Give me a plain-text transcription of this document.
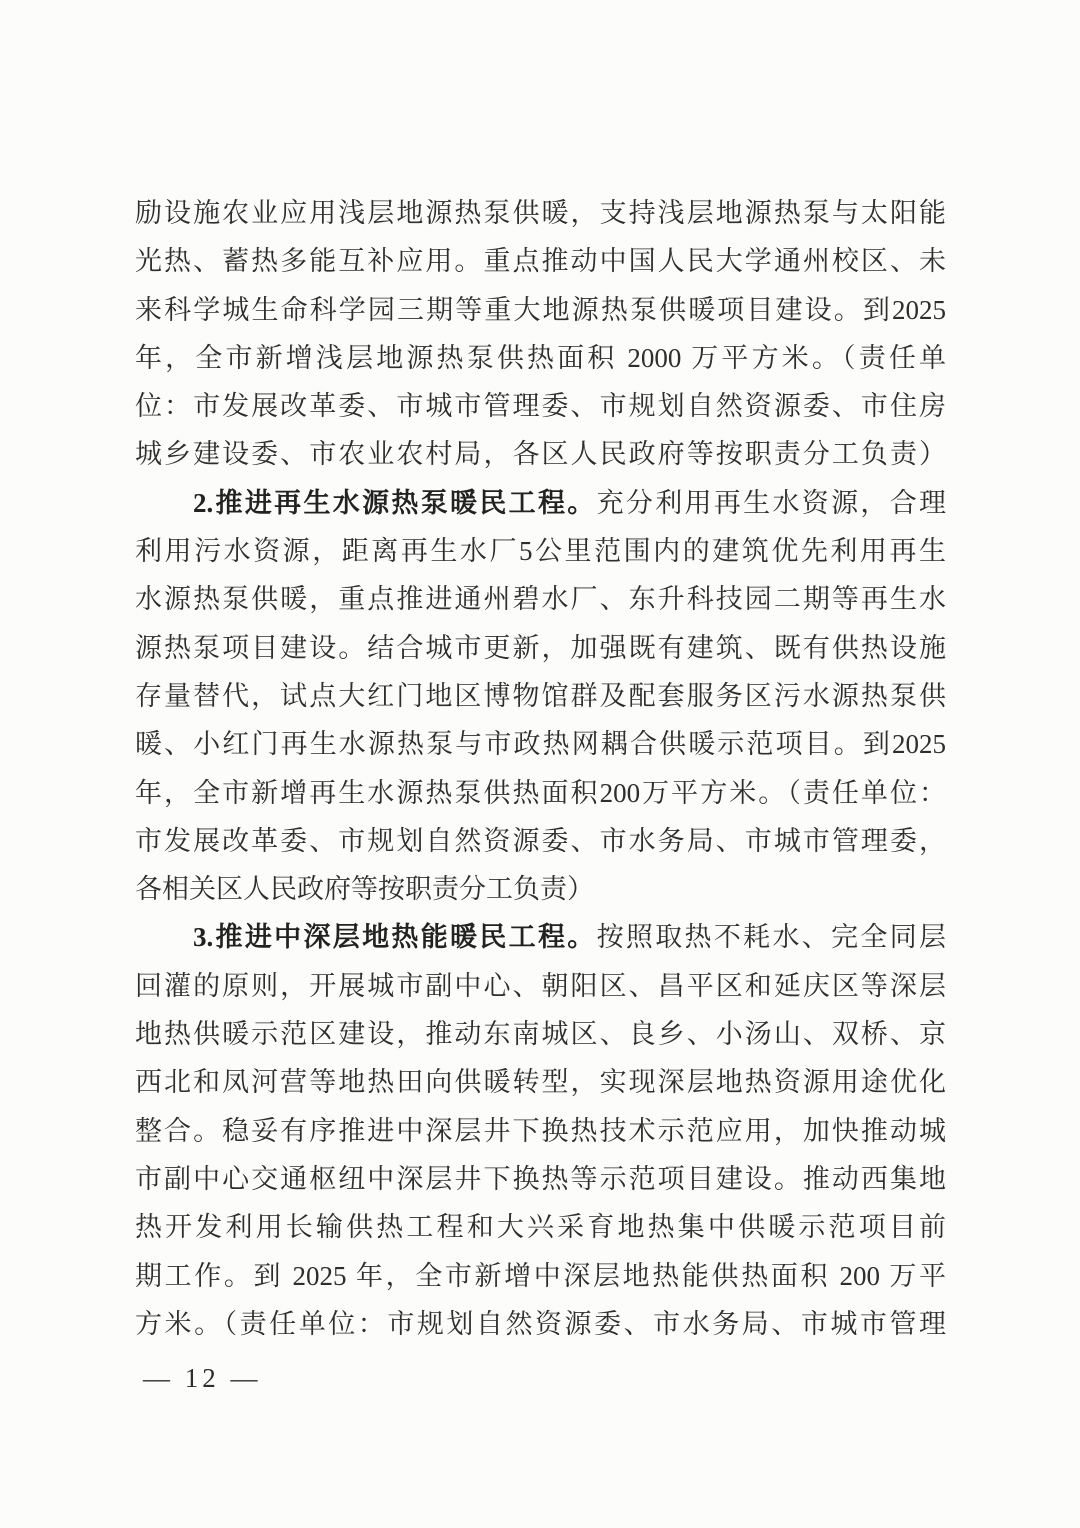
励设施农业应用浅层地源热泵供暖，支持浅层地源热泵与太阳能
光热、蓄热多能互补应用。重点推动中国人民大学通州校区、未
来科学城生命科学园三期等重大地源热泵供暖项目建设。到2025
年，全市新增浅层地源热泵供热面积 2000 万平方米。（责任单
位：市发展改革委、市城市管理委、市规划自然资源委、市住房
城乡建设委、市农业农村局，各区人民政府等按职责分工负责）
2.推进再生水源热泵暖民工程。充分利用再生水资源，合理
利用污水资源，距离再生水厂5公里范围内的建筑优先利用再生
水源热泵供暖，重点推进通州碧水厂、东升科技园二期等再生水
源热泵项目建设。结合城市更新，加强既有建筑、既有供热设施
存量替代，试点大红门地区博物馆群及配套服务区污水源热泵供
暖、小红门再生水源热泵与市政热网耦合供暖示范项目。到2025
年，全市新增再生水源热泵供热面积200万平方米。（责任单位：
市发展改革委、市规划自然资源委、市水务局、市城市管理委，
各相关区人民政府等按职责分工负责）
3.推进中深层地热能暖民工程。按照取热不耗水、完全同层
回灌的原则，开展城市副中心、朝阳区、昌平区和延庆区等深层
地热供暖示范区建设，推动东南城区、良乡、小汤山、双桥、京
西北和凤河营等地热田向供暖转型，实现深层地热资源用途优化
整合。稳妥有序推进中深层井下换热技术示范应用，加快推动城
市副中心交通枢纽中深层井下换热等示范项目建设。推动西集地
热开发利用长输供热工程和大兴采育地热集中供暖示范项目前
期工作。到 2025 年，全市新增中深层地热能供热面积 200 万平
方米。（责任单位：市规划自然资源委、市水务局、市城市管理
— 12 —
